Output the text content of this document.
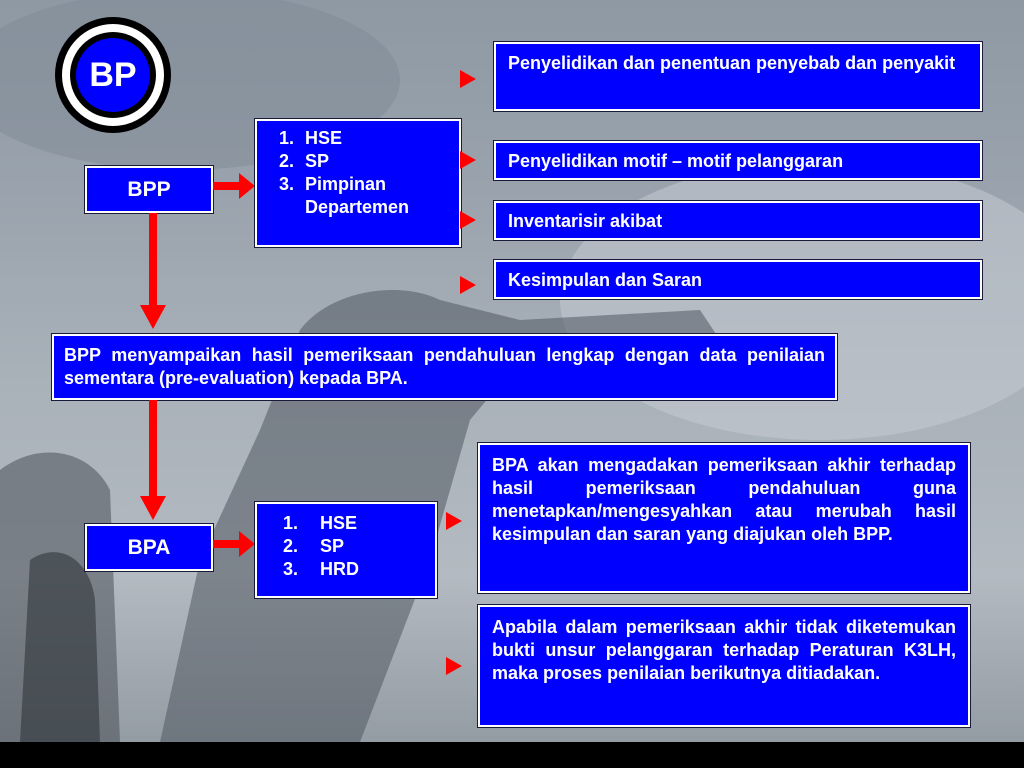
BP
BPP
1. HSE
2. SP
3. Pimpinan Departemen
Penyelidikan dan penentuan penyebab dan penyakit
Penyelidikan motif – motif pelanggaran
Inventarisir akibat
Kesimpulan dan Saran
BPP menyampaikan hasil pemeriksaan pendahuluan lengkap dengan data penilaian sementara (pre-evaluation) kepada BPA.
BPA
1.	HSE
2.	SP
3.	HRD
BPA akan mengadakan pemeriksaan akhir terhadap hasil pemeriksaan pendahuluan guna menetapkan/mengesyahkan atau merubah hasil kesimpulan dan saran yang diajukan oleh BPP.
Apabila dalam pemeriksaan akhir tidak diketemukan bukti unsur pelanggaran terhadap Peraturan K3LH, maka proses penilaian berikutnya ditiadakan.
